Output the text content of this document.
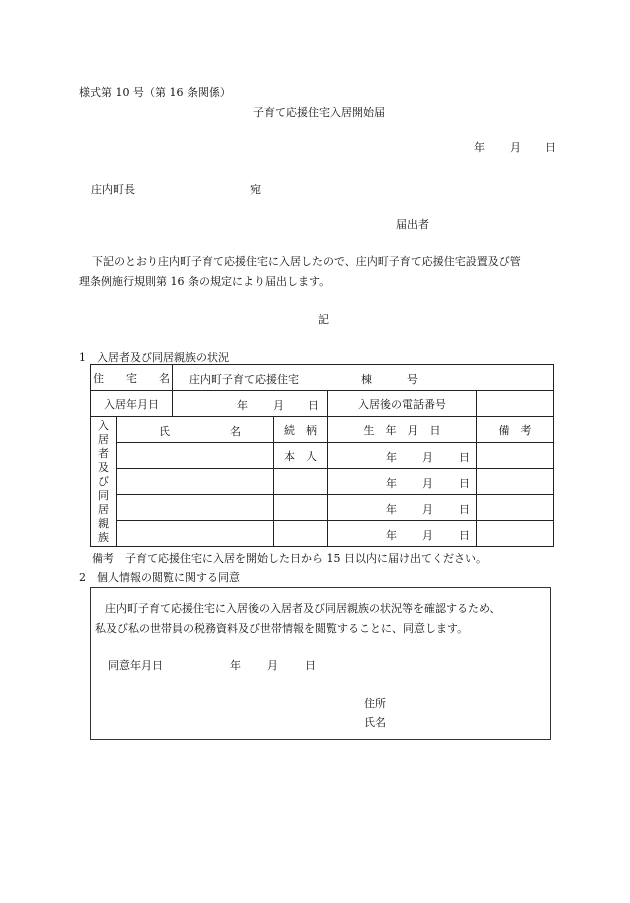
様式第 10 号（第 16 条関係）
子育て応援住宅入居開始届
年 月 日
庄内町長	宛
届出者
下記のとおり庄内町子育て応援住宅に入居したので、庄内町子育て応援住宅設置及び管
理条例施行規則第 16 条の規定により届出します。
記
1　入居者及び同居親族の状況
住　　宅　　名		庄内町子育て応援住宅 棟 号			

入居年月日		年 月 日		入居後の電話番号	

入居者及び同居親族	氏 名		続　柄	生　年　月　日	備　考
			本　人	年 月 日	

				年 月 日	

				年 月 日	

				年 月 日	

備考　子育て応援住宅に入居を開始した日から 15 日以内に届け出てください。
2　個人情報の閲覧に関する同意
庄内町子育て応援住宅に入居後の入居者及び同居親族の状況等を確認するため、
私及び私の世帯員の税務資料及び世帯情報を閲覧することに、同意します。
同意年月日	年 月 日
住所
氏名
